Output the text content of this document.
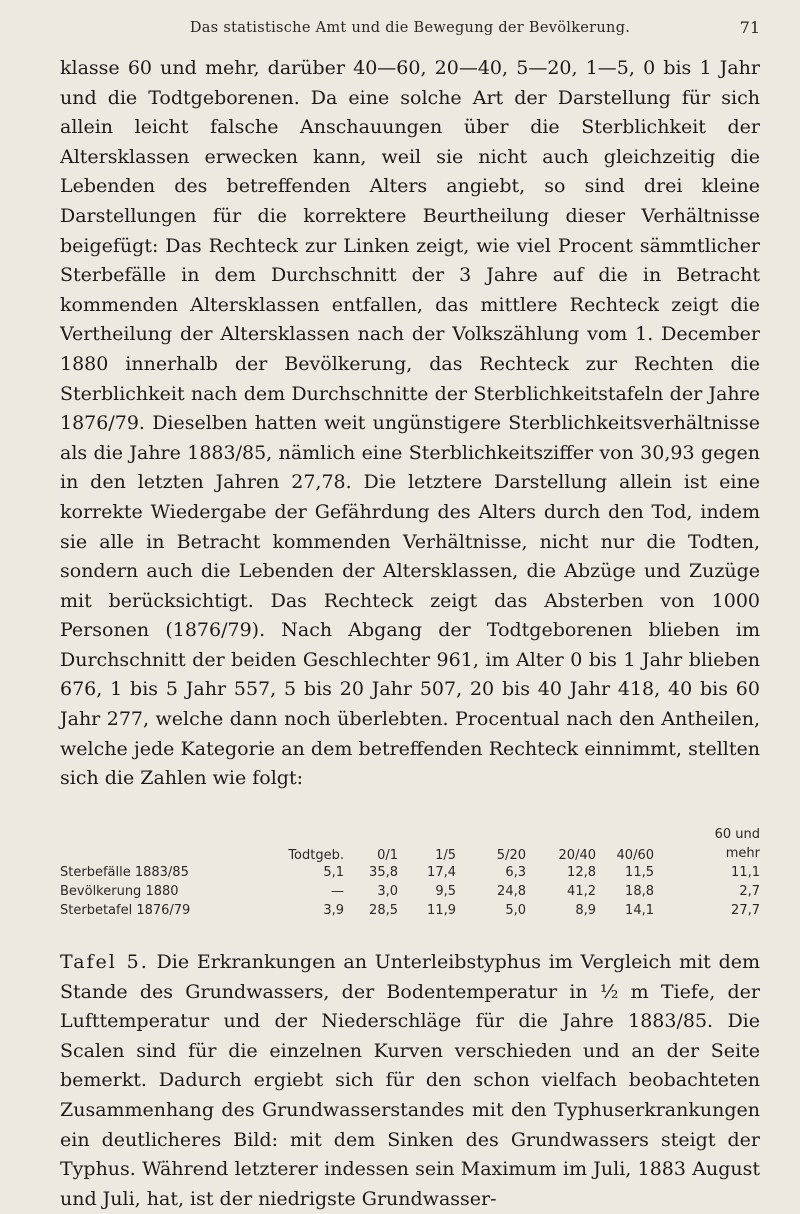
Das statistische Amt und die Bewegung der Bevölkerung.	71

klasse 60 und mehr, darüber 40—60, 20—40, 5—20, 1—5, 0 bis 1 Jahr und die Todtgeborenen. Da eine solche Art der Darstellung für sich allein leicht falsche Anschauungen über die Sterblichkeit der Altersklassen erwecken kann, weil sie nicht auch gleichzeitig die Lebenden des betreffenden Alters angiebt, so sind drei kleine Darstellungen für die korrektere Beurtheilung dieser Verhältnisse beigefügt: Das Rechteck zur Linken zeigt, wie viel Procent sämmtlicher Sterbefälle in dem Durchschnitt der 3 Jahre auf die in Betracht kommenden Altersklassen entfallen, das mittlere Rechteck zeigt die Vertheilung der Altersklassen nach der Volkszählung vom 1. December 1880 innerhalb der Bevölkerung, das Rechteck zur Rechten die Sterblichkeit nach dem Durchschnitte der Sterblichkeitstafeln der Jahre 1876/79. Dieselben hatten weit ungünstigere Sterblichkeitsverhältnisse als die Jahre 1883/85, nämlich eine Sterblichkeitsziffer von 30,93 gegen in den letzten Jahren 27,78. Die letztere Darstellung allein ist eine korrekte Wiedergabe der Gefährdung des Alters durch den Tod, indem sie alle in Betracht kommenden Verhältnisse, nicht nur die Todten, sondern auch die Lebenden der Altersklassen, die Abzüge und Zuzüge mit berücksichtigt. Das Rechteck zeigt das Absterben von 1000 Personen (1876/79). Nach Abgang der Todtgeborenen blieben im Durchschnitt der beiden Geschlechter 961, im Alter 0 bis 1 Jahr blieben 676, 1 bis 5 Jahr 557, 5 bis 20 Jahr 507, 20 bis 40 Jahr 418, 40 bis 60 Jahr 277, welche dann noch überlebten. Procentual nach den Antheilen, welche jede Kategorie an dem betreffenden Rechteck einnimmt, stellten sich die Zahlen wie folgt:

	Todtgeb.	0/1	1/5	5/20	20/40	40/60	60 und
mehr

Sterbefälle 1883/85	5,1	35,8	17,4	6,3	12,8	11,5	11,1
Bevölkerung 1880	—	3,0	9,5	24,8	41,2	18,8	2,7
Sterbetafel 1876/79	3,9	28,5	11,9	5,0	8,9	14,1	27,7

Tafel 5. Die Erkrankungen an Unterleibstyphus im Vergleich mit dem Stande des Grundwassers, der Bodentemperatur in ½ m Tiefe, der Lufttemperatur und der Niederschläge für die Jahre 1883/85. Die Scalen sind für die einzelnen Kurven verschieden und an der Seite bemerkt. Dadurch ergiebt sich für den schon vielfach beobachteten Zusammenhang des Grundwasserstandes mit den Typhuserkrankungen ein deutlicheres Bild: mit dem Sinken des Grundwassers steigt der Typhus. Während letzterer indessen sein Maximum im Juli, 1883 August und Juli, hat, ist der niedrigste Grundwasser-
